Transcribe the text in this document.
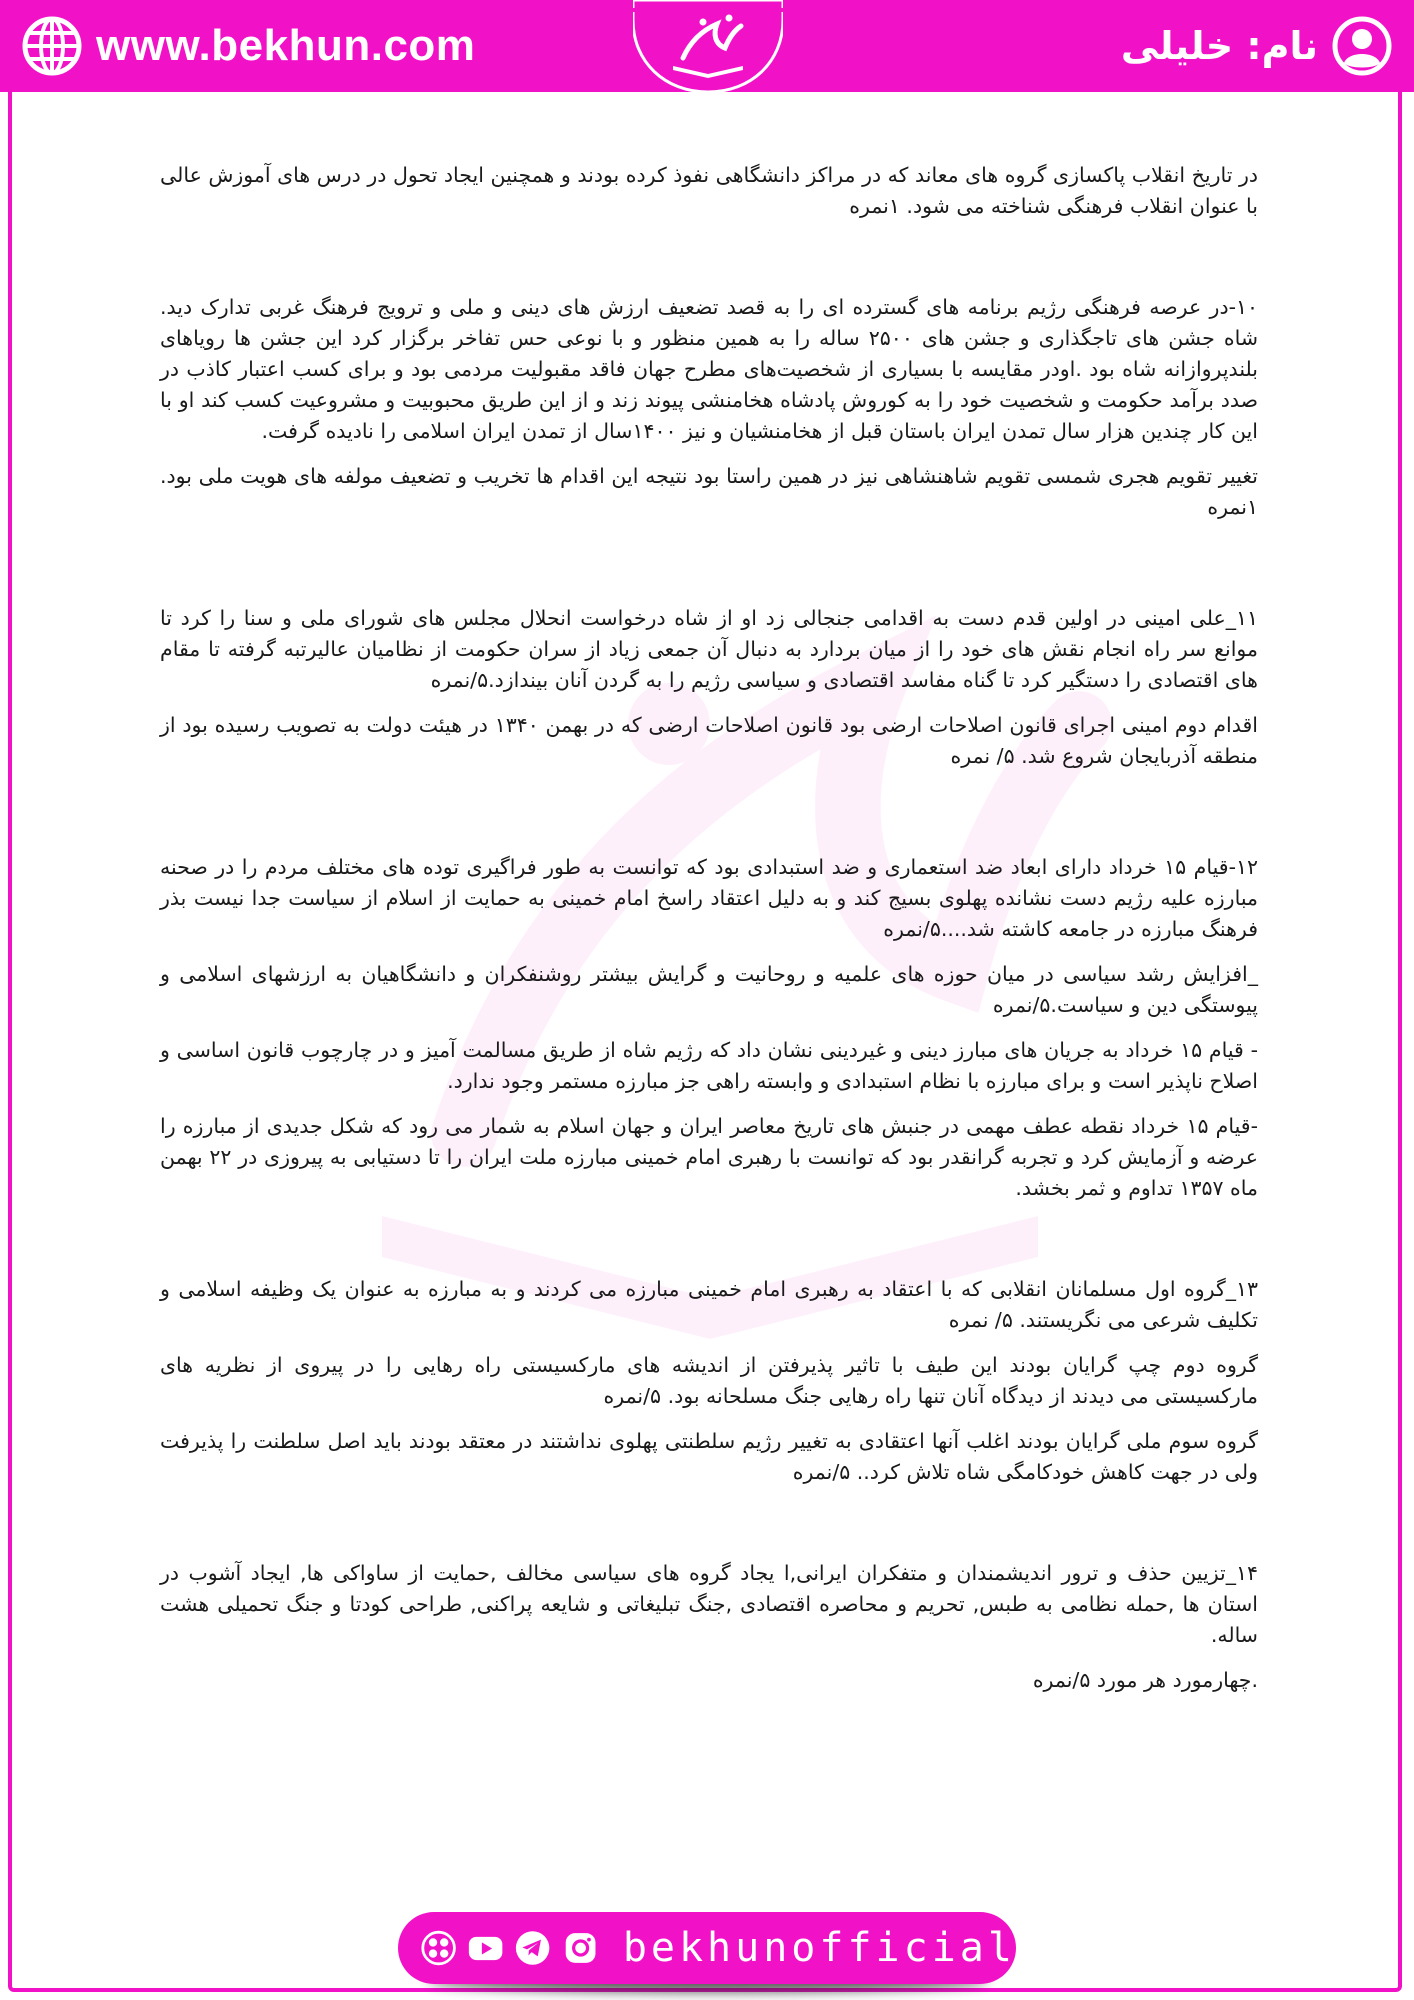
www.bekhun.com	نام: خلیلی

در تاریخ انقلاب پاکسازی گروه های معاند که در مراکز دانشگاهی نفوذ کرده بودند و همچنین ایجاد تحول در درس های آموزش عالی با عنوان انقلاب فرهنگی شناخته می شود. ۱نمره

۱۰-در عرصه فرهنگی رژیم برنامه های گسترده ای را به قصد تضعیف ارزش های دینی و ملی و ترویج فرهنگ غربی تدارک دید. شاه جشن های تاجگذاری و جشن های ۲۵۰۰ ساله را به همین منظور و با نوعی حس تفاخر برگزار کرد این جشن ها رویاهای بلندپروازانه شاه بود .اودر مقایسه با بسیاری از شخصیت‌های مطرح جهان فاقد مقبولیت مردمی بود و برای کسب اعتبار کاذب در صدد برآمد حکومت و شخصیت خود را به کوروش پادشاه هخامنشی پیوند زند و از این طریق محبوبیت و مشروعیت کسب کند او با این کار چندین هزار سال تمدن ایران باستان قبل از هخامنشیان و نیز ۱۴۰۰سال از تمدن ایران اسلامی را نادیده گرفت.

تغییر تقویم هجری شمسی تقویم شاهنشاهی نیز در همین راستا بود نتیجه این اقدام ها تخریب و تضعیف مولفه های هویت ملی بود. ۱نمره

۱۱_علی امینی در اولین قدم دست به اقدامی جنجالی زد او از شاه درخواست انحلال مجلس های شورای ملی و سنا را کرد تا موانع سر راه انجام نقش های خود را از میان بردارد به دنبال آن جمعی زیاد از سران حکومت از نظامیان عالیرتبه گرفته تا مقام های اقتصادی را دستگیر کرد تا گناه مفاسد اقتصادی و سیاسی رژیم را به گردن آنان بیندازد.۵/نمره

اقدام دوم امینی اجرای قانون اصلاحات ارضی بود قانون اصلاحات ارضی که در بهمن ۱۳۴۰ در هیئت دولت به تصویب رسیده بود از منطقه آذربایجان شروع شد. ۵/ نمره

۱۲-قیام ۱۵ خرداد دارای ابعاد ضد استعماری و ضد استبدادی بود که توانست به طور فراگیری توده های مختلف مردم را در صحنه مبارزه علیه رژیم دست نشانده پهلوی بسیج کند و به دلیل اعتقاد راسخ امام خمینی به حمایت از اسلام از سیاست جدا نیست بذر فرهنگ مبارزه در جامعه کاشته شد....۵/نمره

_افزایش رشد سیاسی در میان حوزه های علمیه و روحانیت و گرایش بیشتر روشنفکران و دانشگاهیان به ارزشهای اسلامی و پیوستگی دین و سیاست.۵/نمره

- قیام ۱۵ خرداد به جریان های مبارز دینی و غیردینی نشان داد که رژیم شاه از طریق مسالمت آمیز و در چارچوب قانون اساسی و اصلاح ناپذیر است و برای مبارزه با نظام استبدادی و وابسته راهی جز مبارزه مستمر وجود ندارد.

-قیام ۱۵ خرداد نقطه عطف مهمی در جنبش های تاریخ معاصر ایران و جهان اسلام به شمار می رود که شکل جدیدی از مبارزه را عرضه و آزمایش کرد و تجربه گرانقدر بود که توانست با رهبری امام خمینی مبارزه ملت ایران را تا دستیابی به پیروزی در ۲۲ بهمن ماه ۱۳۵۷ تداوم و ثمر بخشد.

۱۳_گروه اول مسلمانان انقلابی که با اعتقاد به رهبری امام خمینی مبارزه می کردند و به مبارزه به عنوان یک وظیفه اسلامی و تکلیف شرعی می نگریستند. ۵/ نمره

گروه دوم چپ گرایان بودند این طیف با تاثیر پذیرفتن از اندیشه های مارکسیستی راه رهایی را در پیروی از نظریه های مارکسیستی می دیدند از دیدگاه آنان تنها راه رهایی جنگ مسلحانه بود. ۵/نمره

گروه سوم ملی گرایان بودند اغلب آنها اعتقادی به تغییر رژیم سلطنتی پهلوی نداشتند در معتقد بودند باید اصل سلطنت را پذیرفت ولی در جهت کاهش خودکامگی شاه تلاش کرد.. ۵/نمره

۱۴_تزیین حذف و ترور اندیشمندان و متفکران ایرانی,ا یجاد گروه های سیاسی مخالف ,حمایت از ساواکی ها, ایجاد آشوب در استان ها ,حمله نظامی به طبس, تحریم و محاصره اقتصادی ,جنگ تبلیغاتی و شایعه پراکنی, طراحی کودتا و جنگ تحمیلی هشت ساله.

.چهارمورد هر مورد ۵/نمره

bekhunofficial
